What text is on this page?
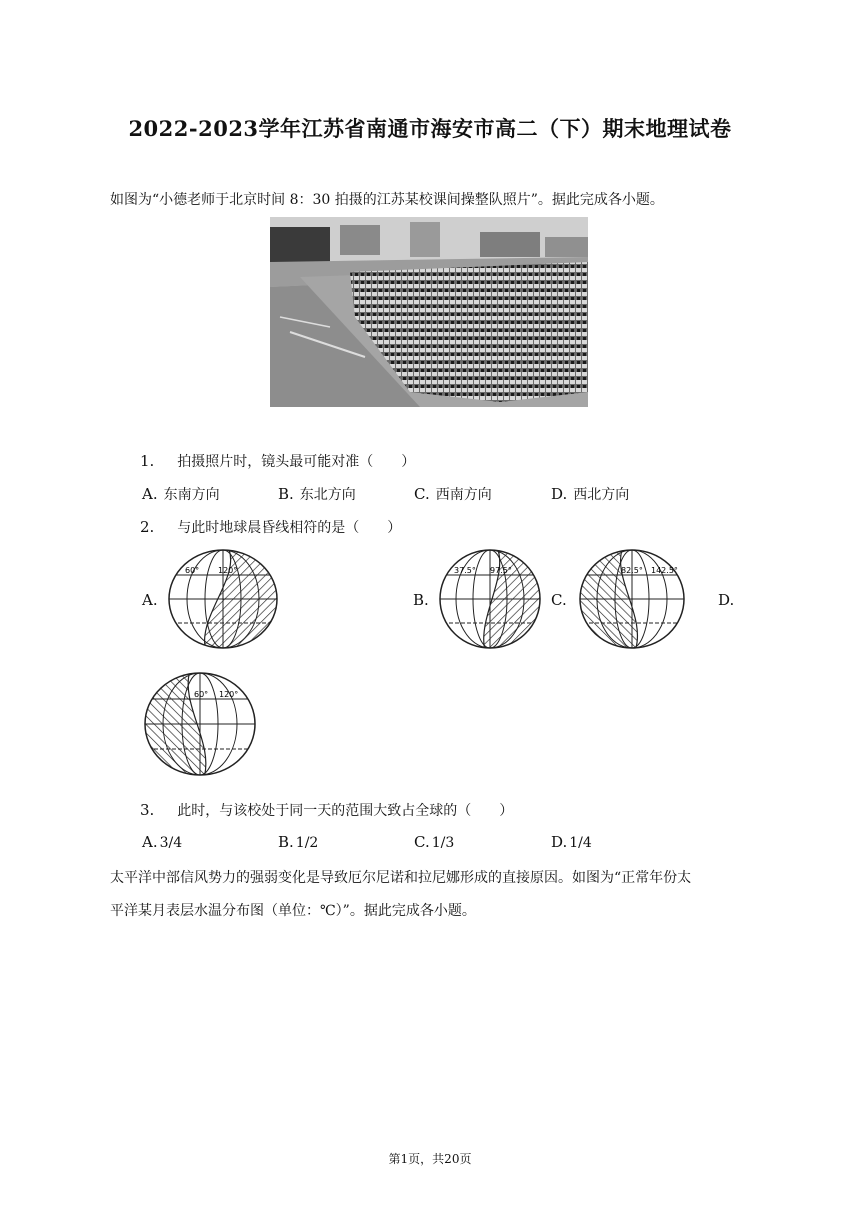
2022-2023学年江苏省南通市海安市高二（下）期末地理试卷
如图为“小德老师于北京时间 8：30 拍摄的江苏某校课间操整队照片”。据此完成各小题。
1. 拍摄照片时，镜头最可能对准（　　）
A. 东南方向	B. 东北方向	C. 西南方向	D. 西北方向
2. 与此时地球晨昏线相符的是（　　）
A.	B.	C.	D.
60° 120°	37.5° 97.5°	82.5° 142.5°
60° 120°
3. 此时，与该校处于同一天的范围大致占全球的（　　）
A. 3/4	B. 1/2	C. 1/3	D. 1/4
太平洋中部信风势力的强弱变化是导致厄尔尼诺和拉尼娜形成的直接原因。如图为“正常年份太
平洋某月表层水温分布图（单位：℃）”。据此完成各小题。
第1页，共20页
